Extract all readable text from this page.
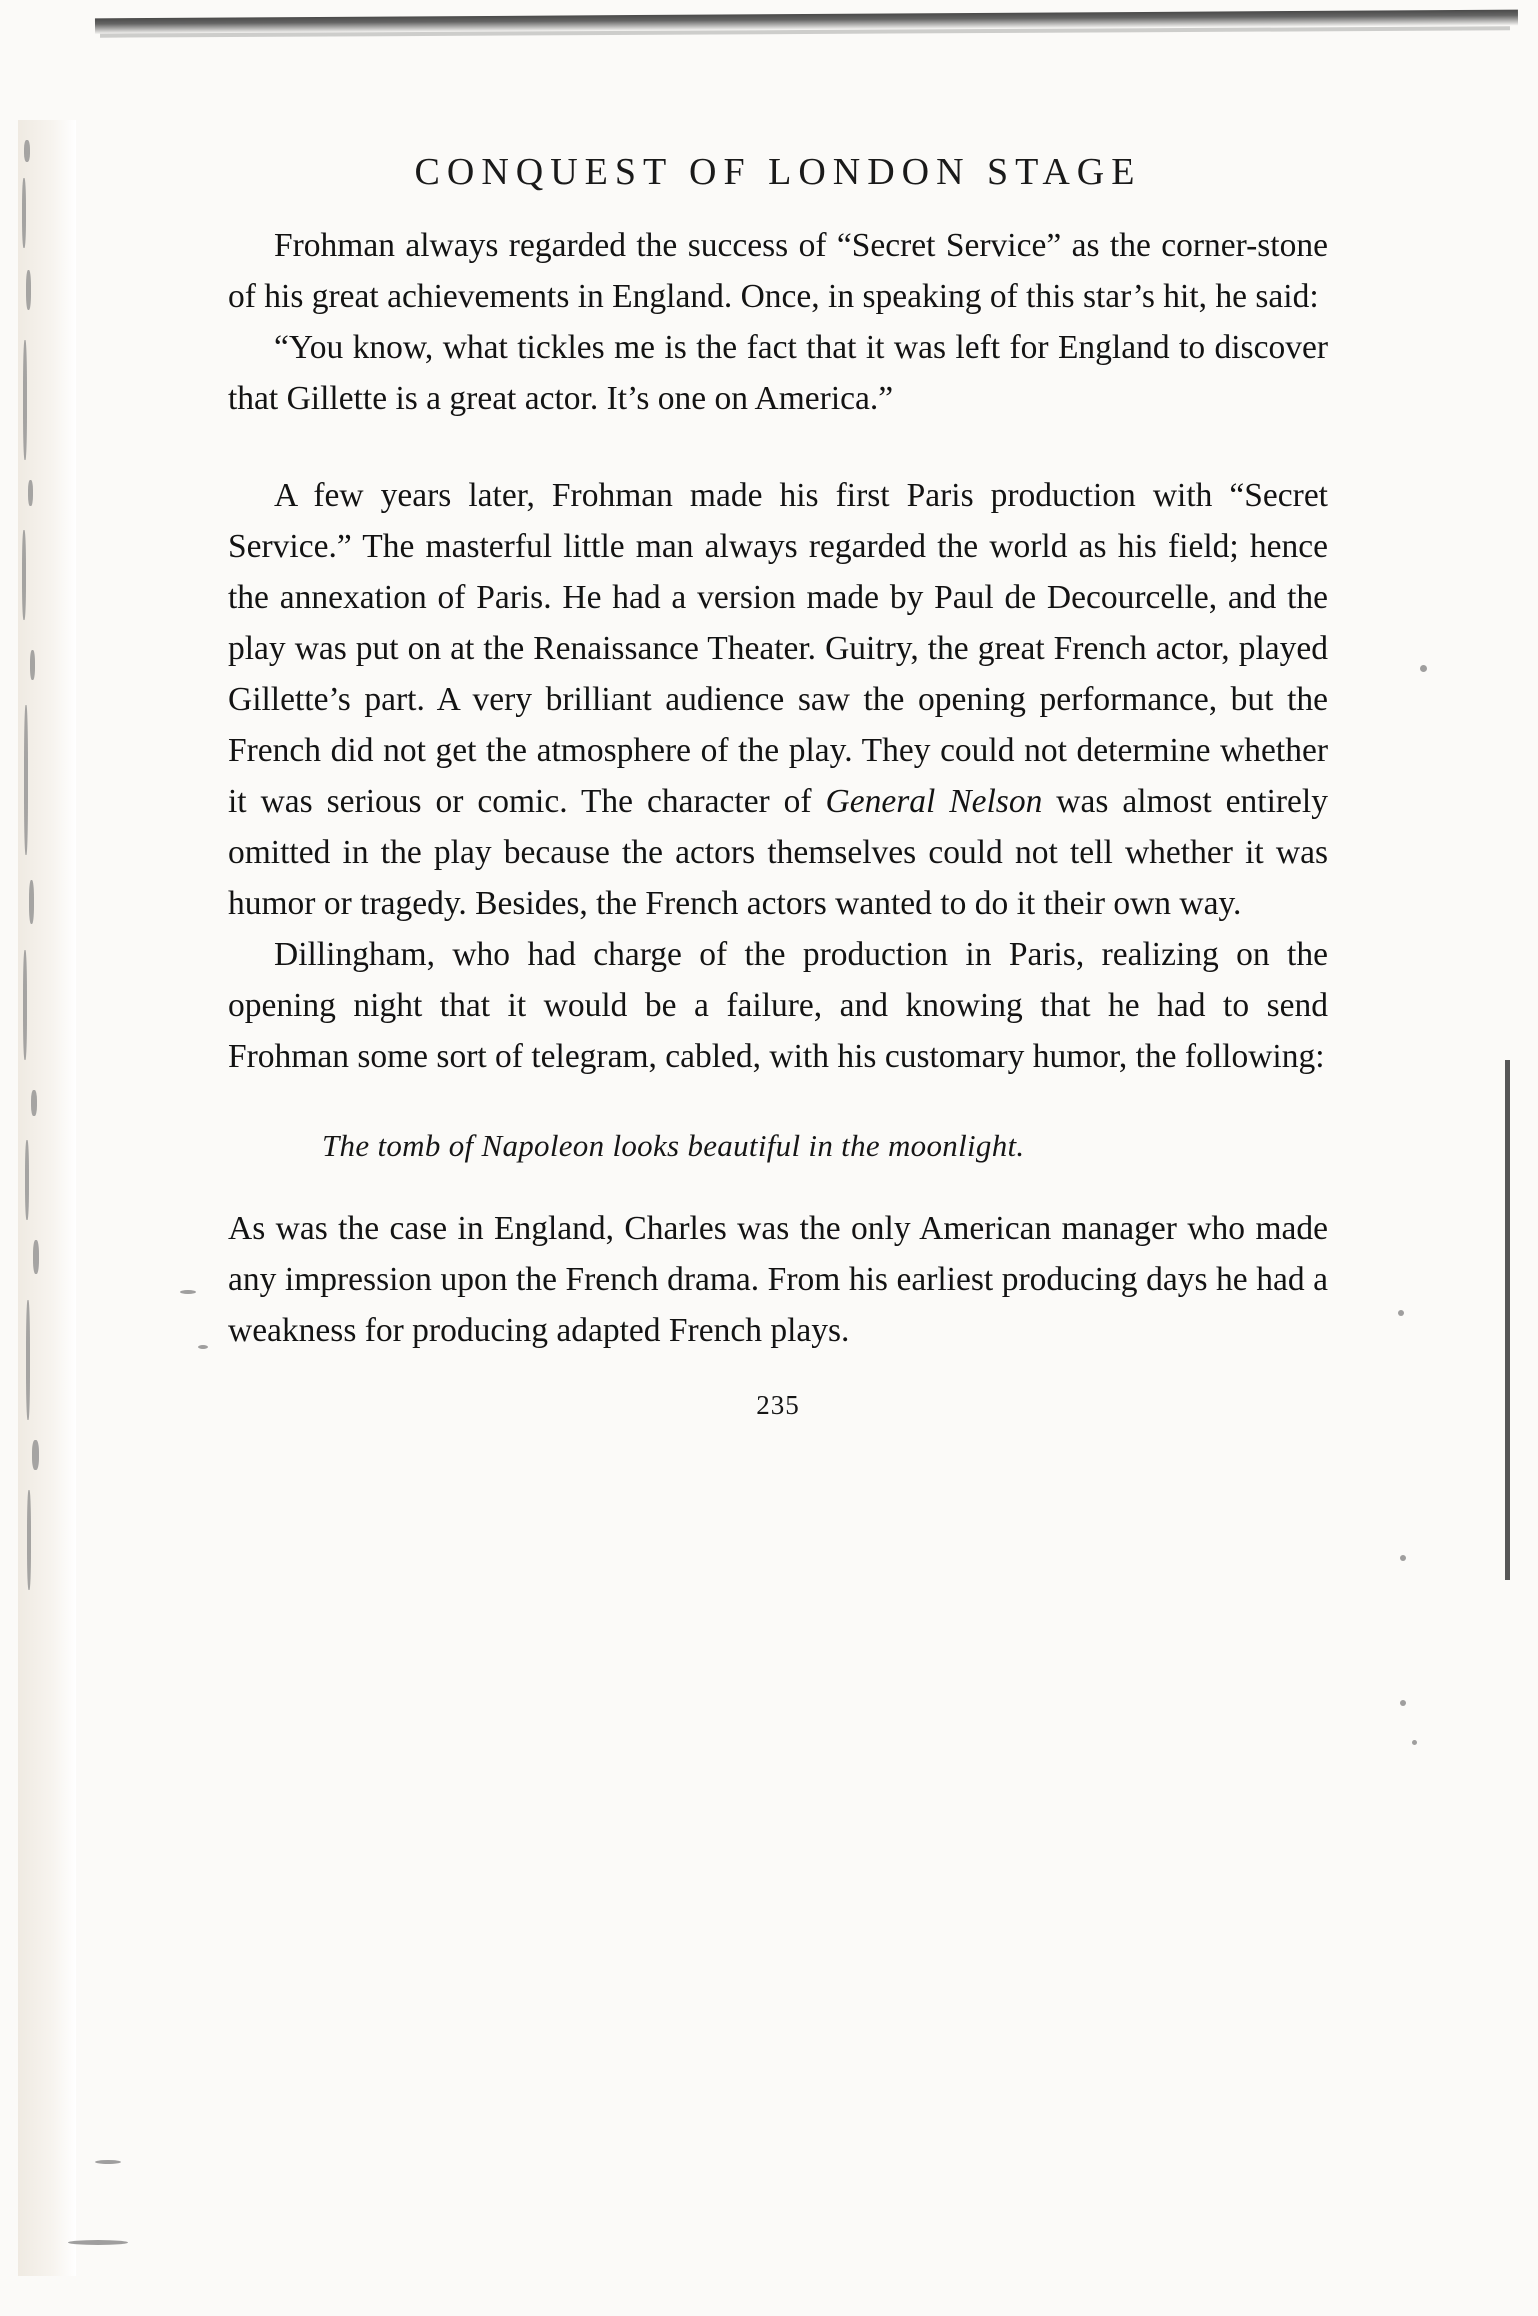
CONQUEST OF LONDON STAGE

Frohman always regarded the success of “Secret Service” as the corner-stone of his great achievements in England. Once, in speaking of this star’s hit, he said:

“You know, what tickles me is the fact that it was left for England to discover that Gillette is a great actor. It’s one on America.”

A few years later, Frohman made his first Paris production with “Secret Service.” The masterful little man always regarded the world as his field; hence the annexation of Paris. He had a version made by Paul de Decourcelle, and the play was put on at the Renaissance Theater. Guitry, the great French actor, played Gillette’s part. A very brilliant audience saw the opening performance, but the French did not get the atmosphere of the play. They could not determine whether it was serious or comic. The character of General Nelson was almost entirely omitted in the play because the actors themselves could not tell whether it was humor or tragedy. Besides, the French actors wanted to do it their own way.

Dillingham, who had charge of the production in Paris, realizing on the opening night that it would be a failure, and knowing that he had to send Frohman some sort of telegram, cabled, with his customary humor, the following:

The tomb of Napoleon looks beautiful in the moonlight.

As was the case in England, Charles was the only American manager who made any impression upon the French drama. From his earliest producing days he had a weakness for producing adapted French plays.

235
